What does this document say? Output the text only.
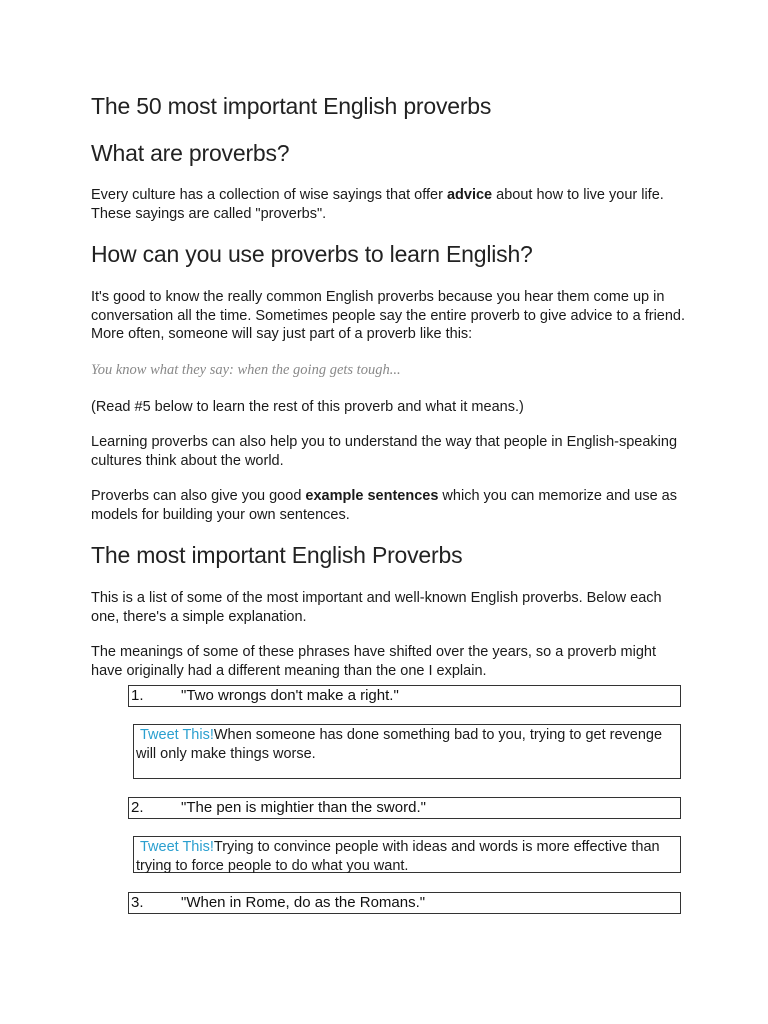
The 50 most important English proverbs
What are proverbs?

Every culture has a collection of wise sayings that offer advice about how to live your life. These sayings are called "proverbs".

How can you use proverbs to learn English?

It's good to know the really common English proverbs because you hear them come up in conversation all the time. Sometimes people say the entire proverb to give advice to a friend. More often, someone will say just part of a proverb like this:

You know what they say: when the going gets tough...

(Read #5 below to learn the rest of this proverb and what it means.)

Learning proverbs can also help you to understand the way that people in English-speaking cultures think about the world.

Proverbs can also give you good example sentences which you can memorize and use as models for building your own sentences.

The most important English Proverbs

This is a list of some of the most important and well-known English proverbs. Below each one, there's a simple explanation.

The meanings of some of these phrases have shifted over the years, so a proverb might have originally had a different meaning than the one I explain.

1.	"Two wrongs don't make a right."
Tweet This!When someone has done something bad to you, trying to get revenge will only make things worse.
2.	"The pen is mightier than the sword."
Tweet This!Trying to convince people with ideas and words is more effective than trying to force people to do what you want.
3.	"When in Rome, do as the Romans."
